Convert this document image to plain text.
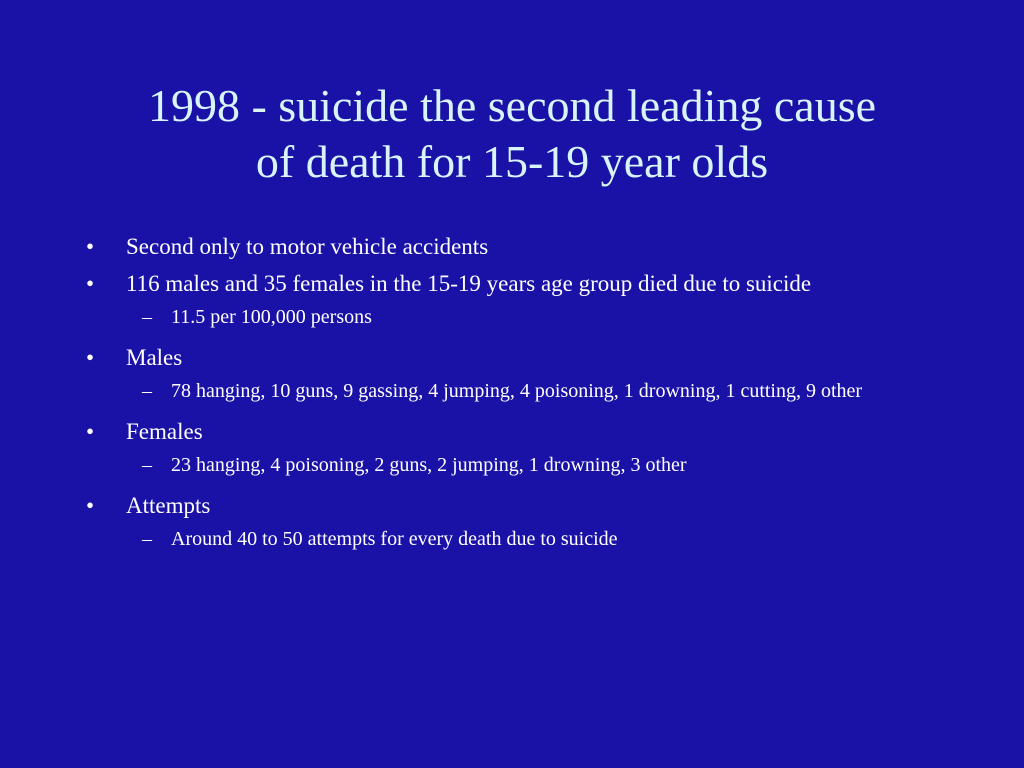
1998 - suicide the second leading cause
of death for 15-19 year olds
• Second only to motor vehicle accidents
• 116 males and 35 females in the 15-19 years age group died due to suicide
– 11.5 per 100,000 persons
• Males
– 78 hanging, 10 guns, 9 gassing, 4 jumping, 4 poisoning, 1 drowning, 1 cutting, 9 other
• Females
– 23 hanging, 4 poisoning, 2 guns, 2 jumping, 1 drowning, 3 other
• Attempts
– Around 40 to 50 attempts for every death due to suicide
